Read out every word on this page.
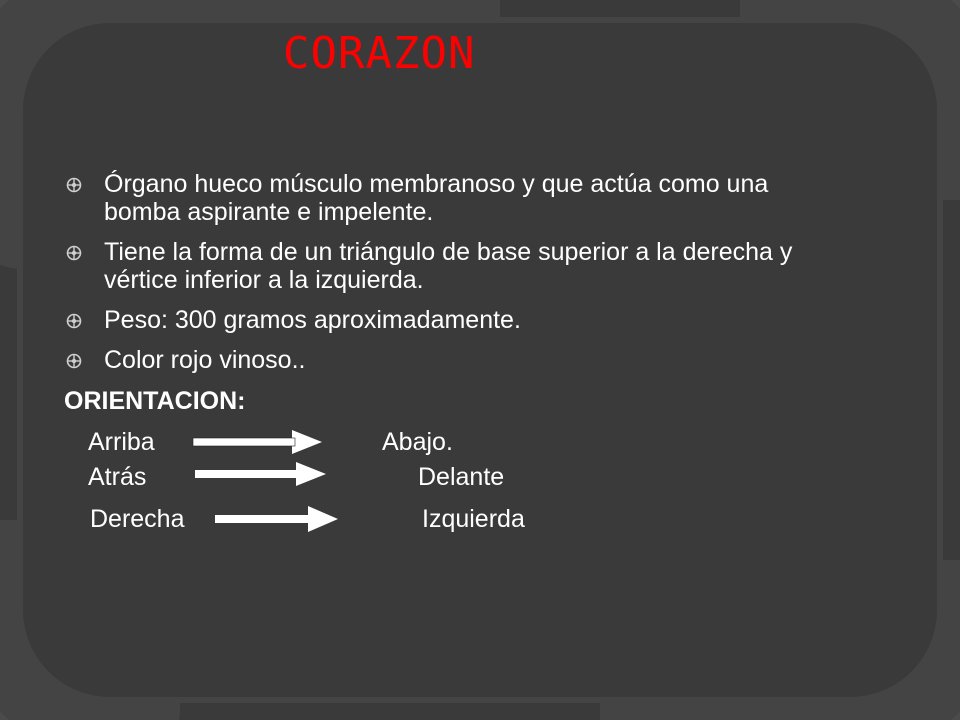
CORAZON
Órgano hueco músculo membranoso y que actúa como una bomba aspirante e impelente.
Tiene la forma de un triángulo de base superior a la derecha y vértice inferior a la izquierda.
Peso: 300 gramos aproximadamente.
Color rojo vinoso..

ORIENTACION:

Arriba	Abajo.
Atrás	Delante
Derecha	Izquierda
